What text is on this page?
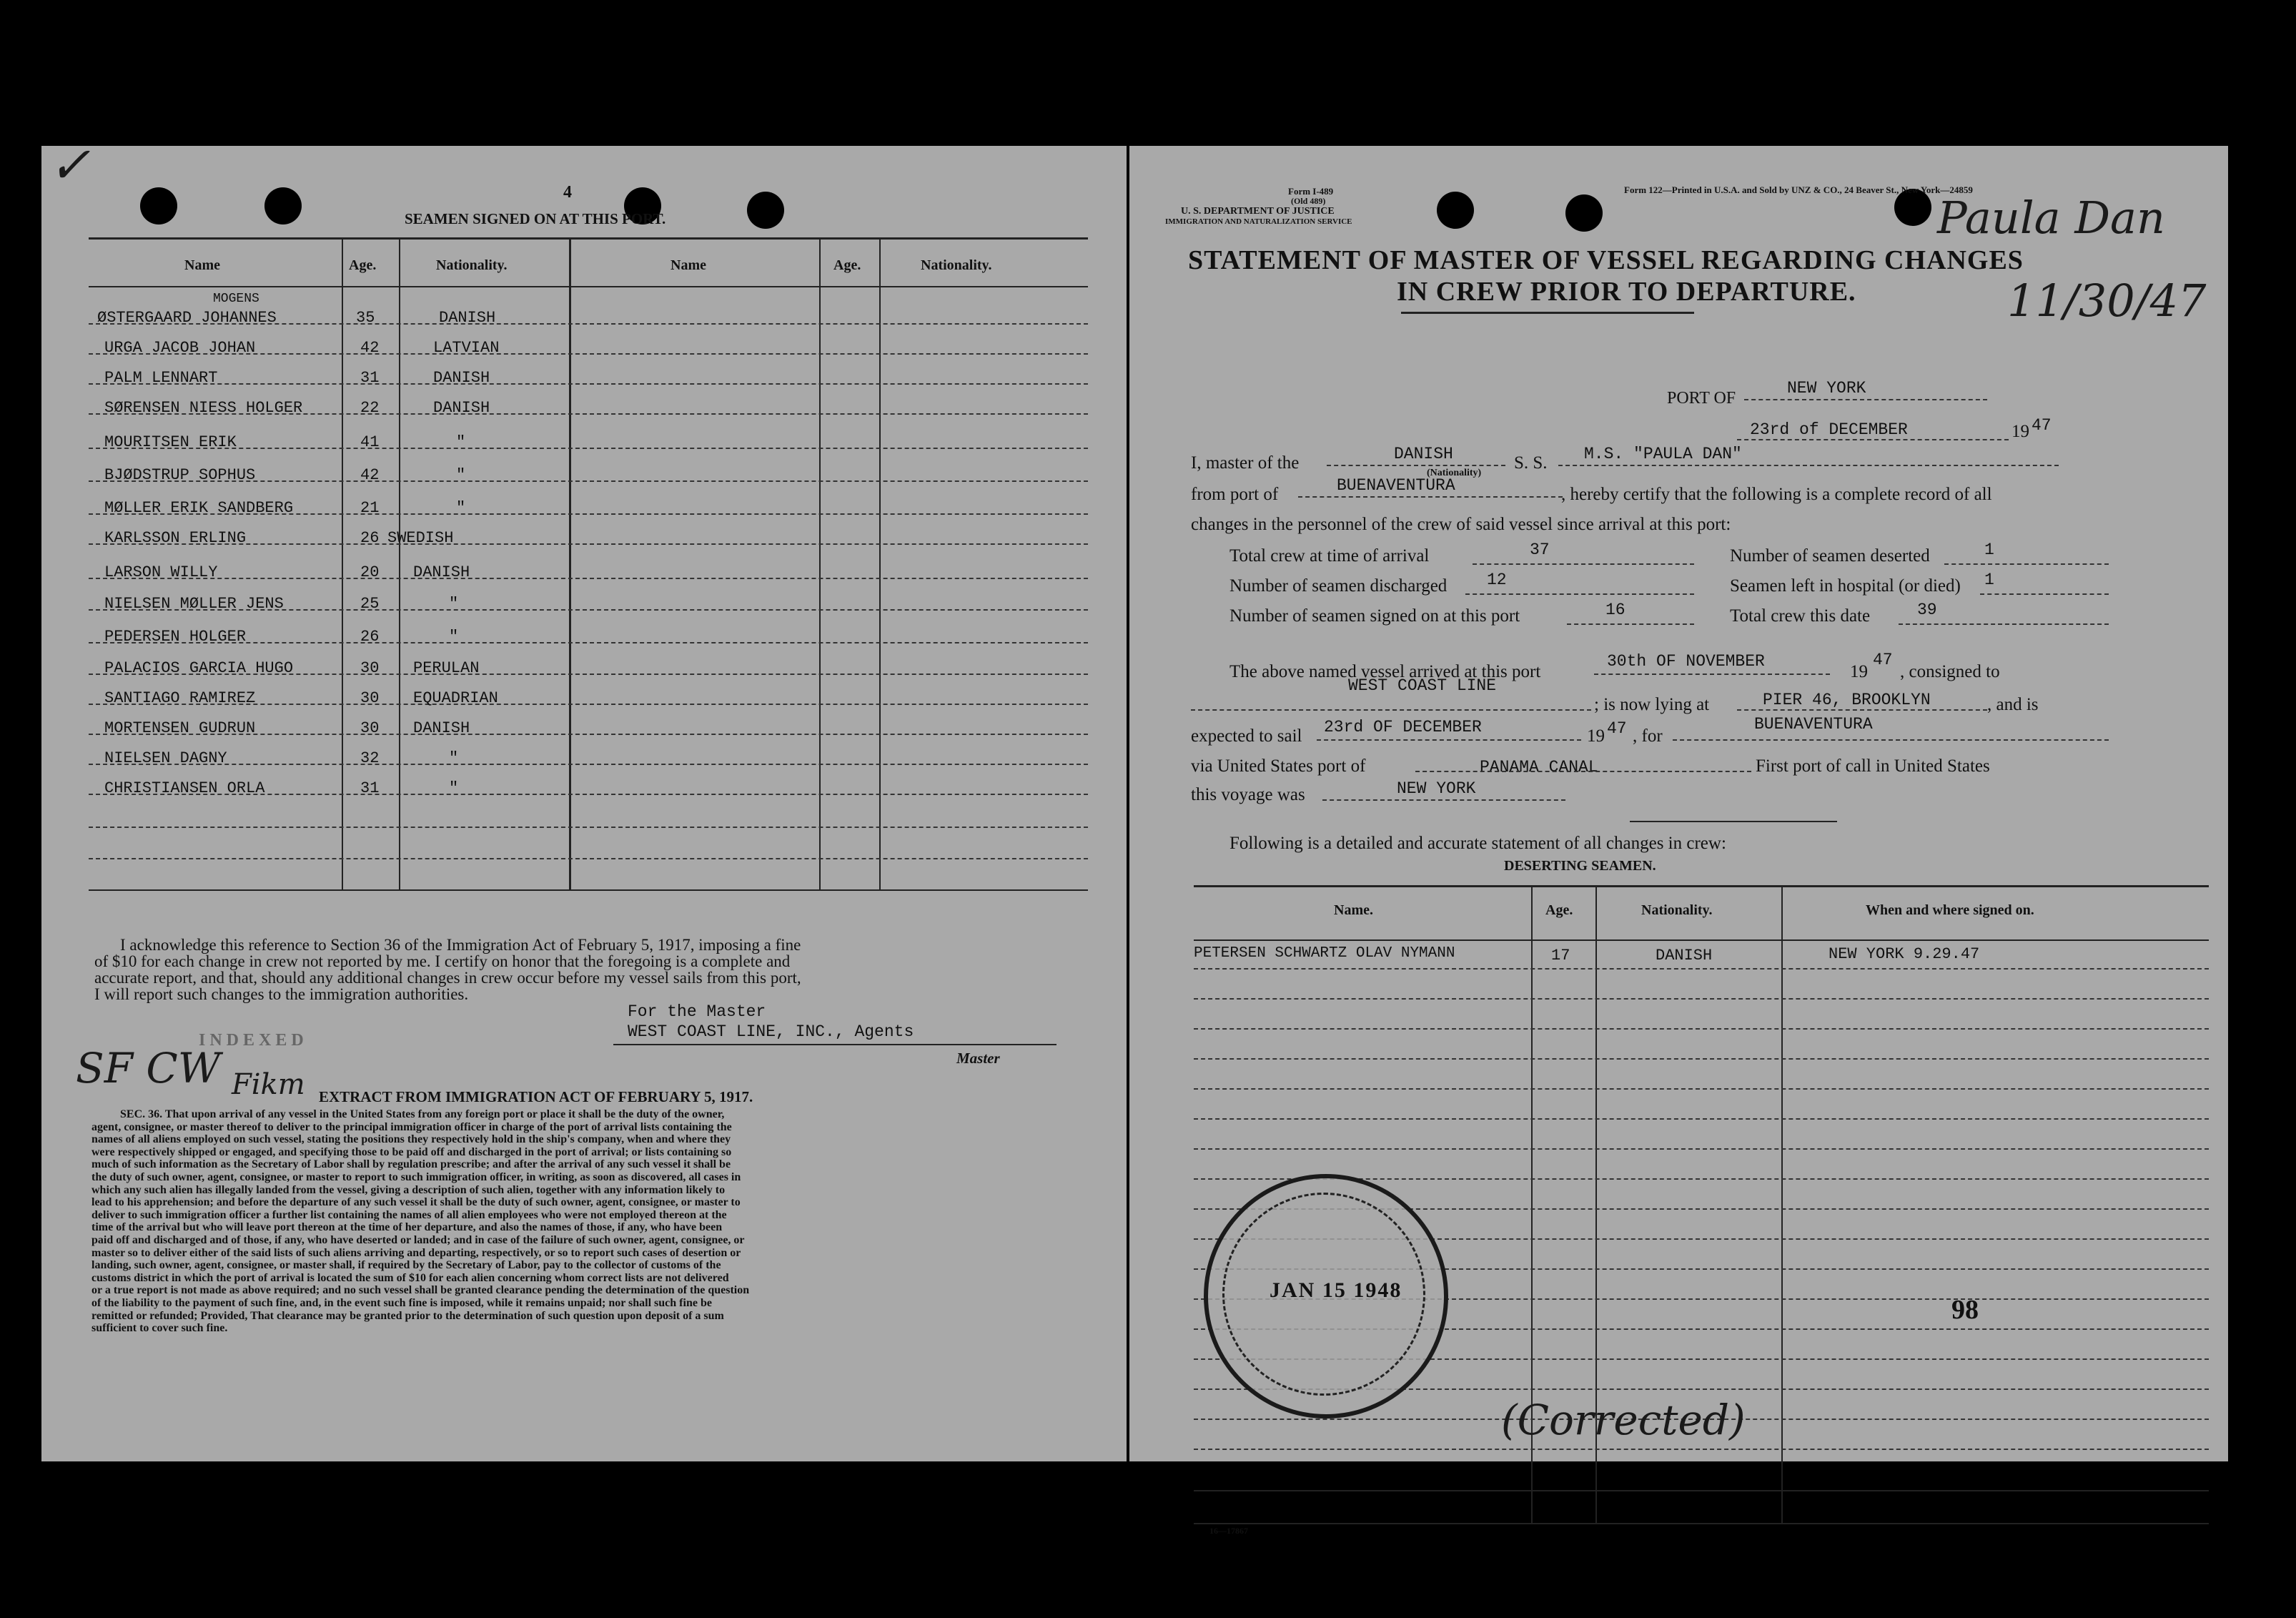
✓	4
SEAMEN SIGNED ON AT THIS PORT.
Name	Age.	Nationality.	Name	Age.	Nationality.
MOGENS
ØSTERGAARD JOHANNES	35	DANISH
URGA JACOB JOHAN	42	LATVIAN
PALM LENNART	31	DANISH
SØRENSEN NIESS HOLGER	22	DANISH
MOURITSEN ERIK	41	"
BJØDSTRUP SOPHUS	42	"
MØLLER ERIK SANDBERG	21	"
KARLSSON ERLING	26 SWEDISH
LARSON WILLY	20 DANISH
NIELSEN MØLLER JENS	25	"
PEDERSEN HOLGER	26	"
PALACIOS GARCIA HUGO	30 PERULAN
SANTIAGO RAMIREZ	30 EQUADRIAN
MORTENSEN GUDRUN	30 DANISH
NIELSEN DAGNY	32	"
CHRISTIANSEN ORLA	31	"
I acknowledge this reference to Section 36 of the Immigration Act of February 5, 1917, imposing a fine
of $10 for each change in crew not reported by me. I certify on honor that the foregoing is a complete and
accurate report, and that, should any additional changes in crew occur before my vessel sails from this port,
I will report such changes to the immigration authorities.
For the Master
WEST COAST LINE, INC., Agents
Master
INDEXED
SF CW Fikm EXTRACT FROM IMMIGRATION ACT OF FEBRUARY 5, 1917.
SEC. 36. That upon arrival of any vessel in the United States from any foreign port or place it shall be the duty of the owner,
agent, consignee, or master thereof to deliver to the principal immigration officer in charge of the port of arrival lists containing the
names of all aliens employed on such vessel, stating the positions they respectively hold in the ship's company, when and where they
were respectively shipped or engaged, and specifying those to be paid off and discharged in the port of arrival; or lists containing so
much of such information as the Secretary of Labor shall by regulation prescribe; and after the arrival of any such vessel it shall be
the duty of such owner, agent, consignee, or master to report to such immigration officer, in writing, as soon as discovered, all cases in
which any such alien has illegally landed from the vessel, giving a description of such alien, together with any information likely to
lead to his apprehension; and before the departure of any such vessel it shall be the duty of such owner, agent, consignee, or master to
deliver to such immigration officer a further list containing the names of all alien employees who were not employed thereon at the
time of the arrival but who will leave port thereon at the time of her departure, and also the names of those, if any, who have been
paid off and discharged and of those, if any, who have deserted or landed; and in case of the failure of such owner, agent, consignee, or
master so to deliver either of the said lists of such aliens arriving and departing, respectively, or so to report such cases of desertion or
landing, such owner, agent, consignee, or master shall, if required by the Secretary of Labor, pay to the collector of customs of the
customs district in which the port of arrival is located the sum of $10 for each alien concerning whom correct lists are not delivered
or a true report is not made as above required; and no such vessel shall be granted clearance pending the determination of the question
of the liability to the payment of such fine, and, in the event such fine is imposed, while it remains unpaid; nor shall such fine be
remitted or refunded; Provided, That clearance may be granted prior to the determination of such question upon deposit of a sum
sufficient to cover such fine.
Form I-489
(Old 489)
U. S. DEPARTMENT OF JUSTICE
IMMIGRATION AND NATURALIZATION SERVICE
Form 122—Printed in U.S.A. and Sold by UNZ & CO., 24 Beaver St., New York—24859
Paula Dan
11/30/47
STATEMENT OF MASTER OF VESSEL REGARDING CHANGES
IN CREW PRIOR TO DEPARTURE.
PORT OF
NEW YORK
23rd of DECEMBER	19 47
I, master of the	DANISH
(Nationality)
S. S. M.S. "PAULA DAN"
from port of	BUENAVENTURA	, hereby certify that the following is a complete record of all
changes in the personnel of the crew of said vessel since arrival at this port:
Total crew at time of arrival	37	Number of seamen deserted	1
Number of seamen discharged 12	Seamen left in hospital (or died) 1
Number of seamen signed on at this port	16	Total crew this date	39
The above named vessel arrived at this port
30th OF NOVEMBER
19
47
, consigned to
WEST COAST LINE
; is now lying at	PIER 46, BROOKLYN	, and is
expected to sail 23rd OF DECEMBER	19 47 , for
BUENAVENTURA
via United States port of	PANAMA CANAL	First port of call in United States
this voyage was	NEW YORK
Following is a detailed and accurate statement of all changes in crew:
DESERTING SEAMEN.
Name.	Age.	Nationality.	When and where signed on.
PETERSEN SCHWARTZ OLAV NYMANN	17	DANISH	NEW YORK 9.29.47
JAN 15 1948
98
16—17867
(Corrected)
